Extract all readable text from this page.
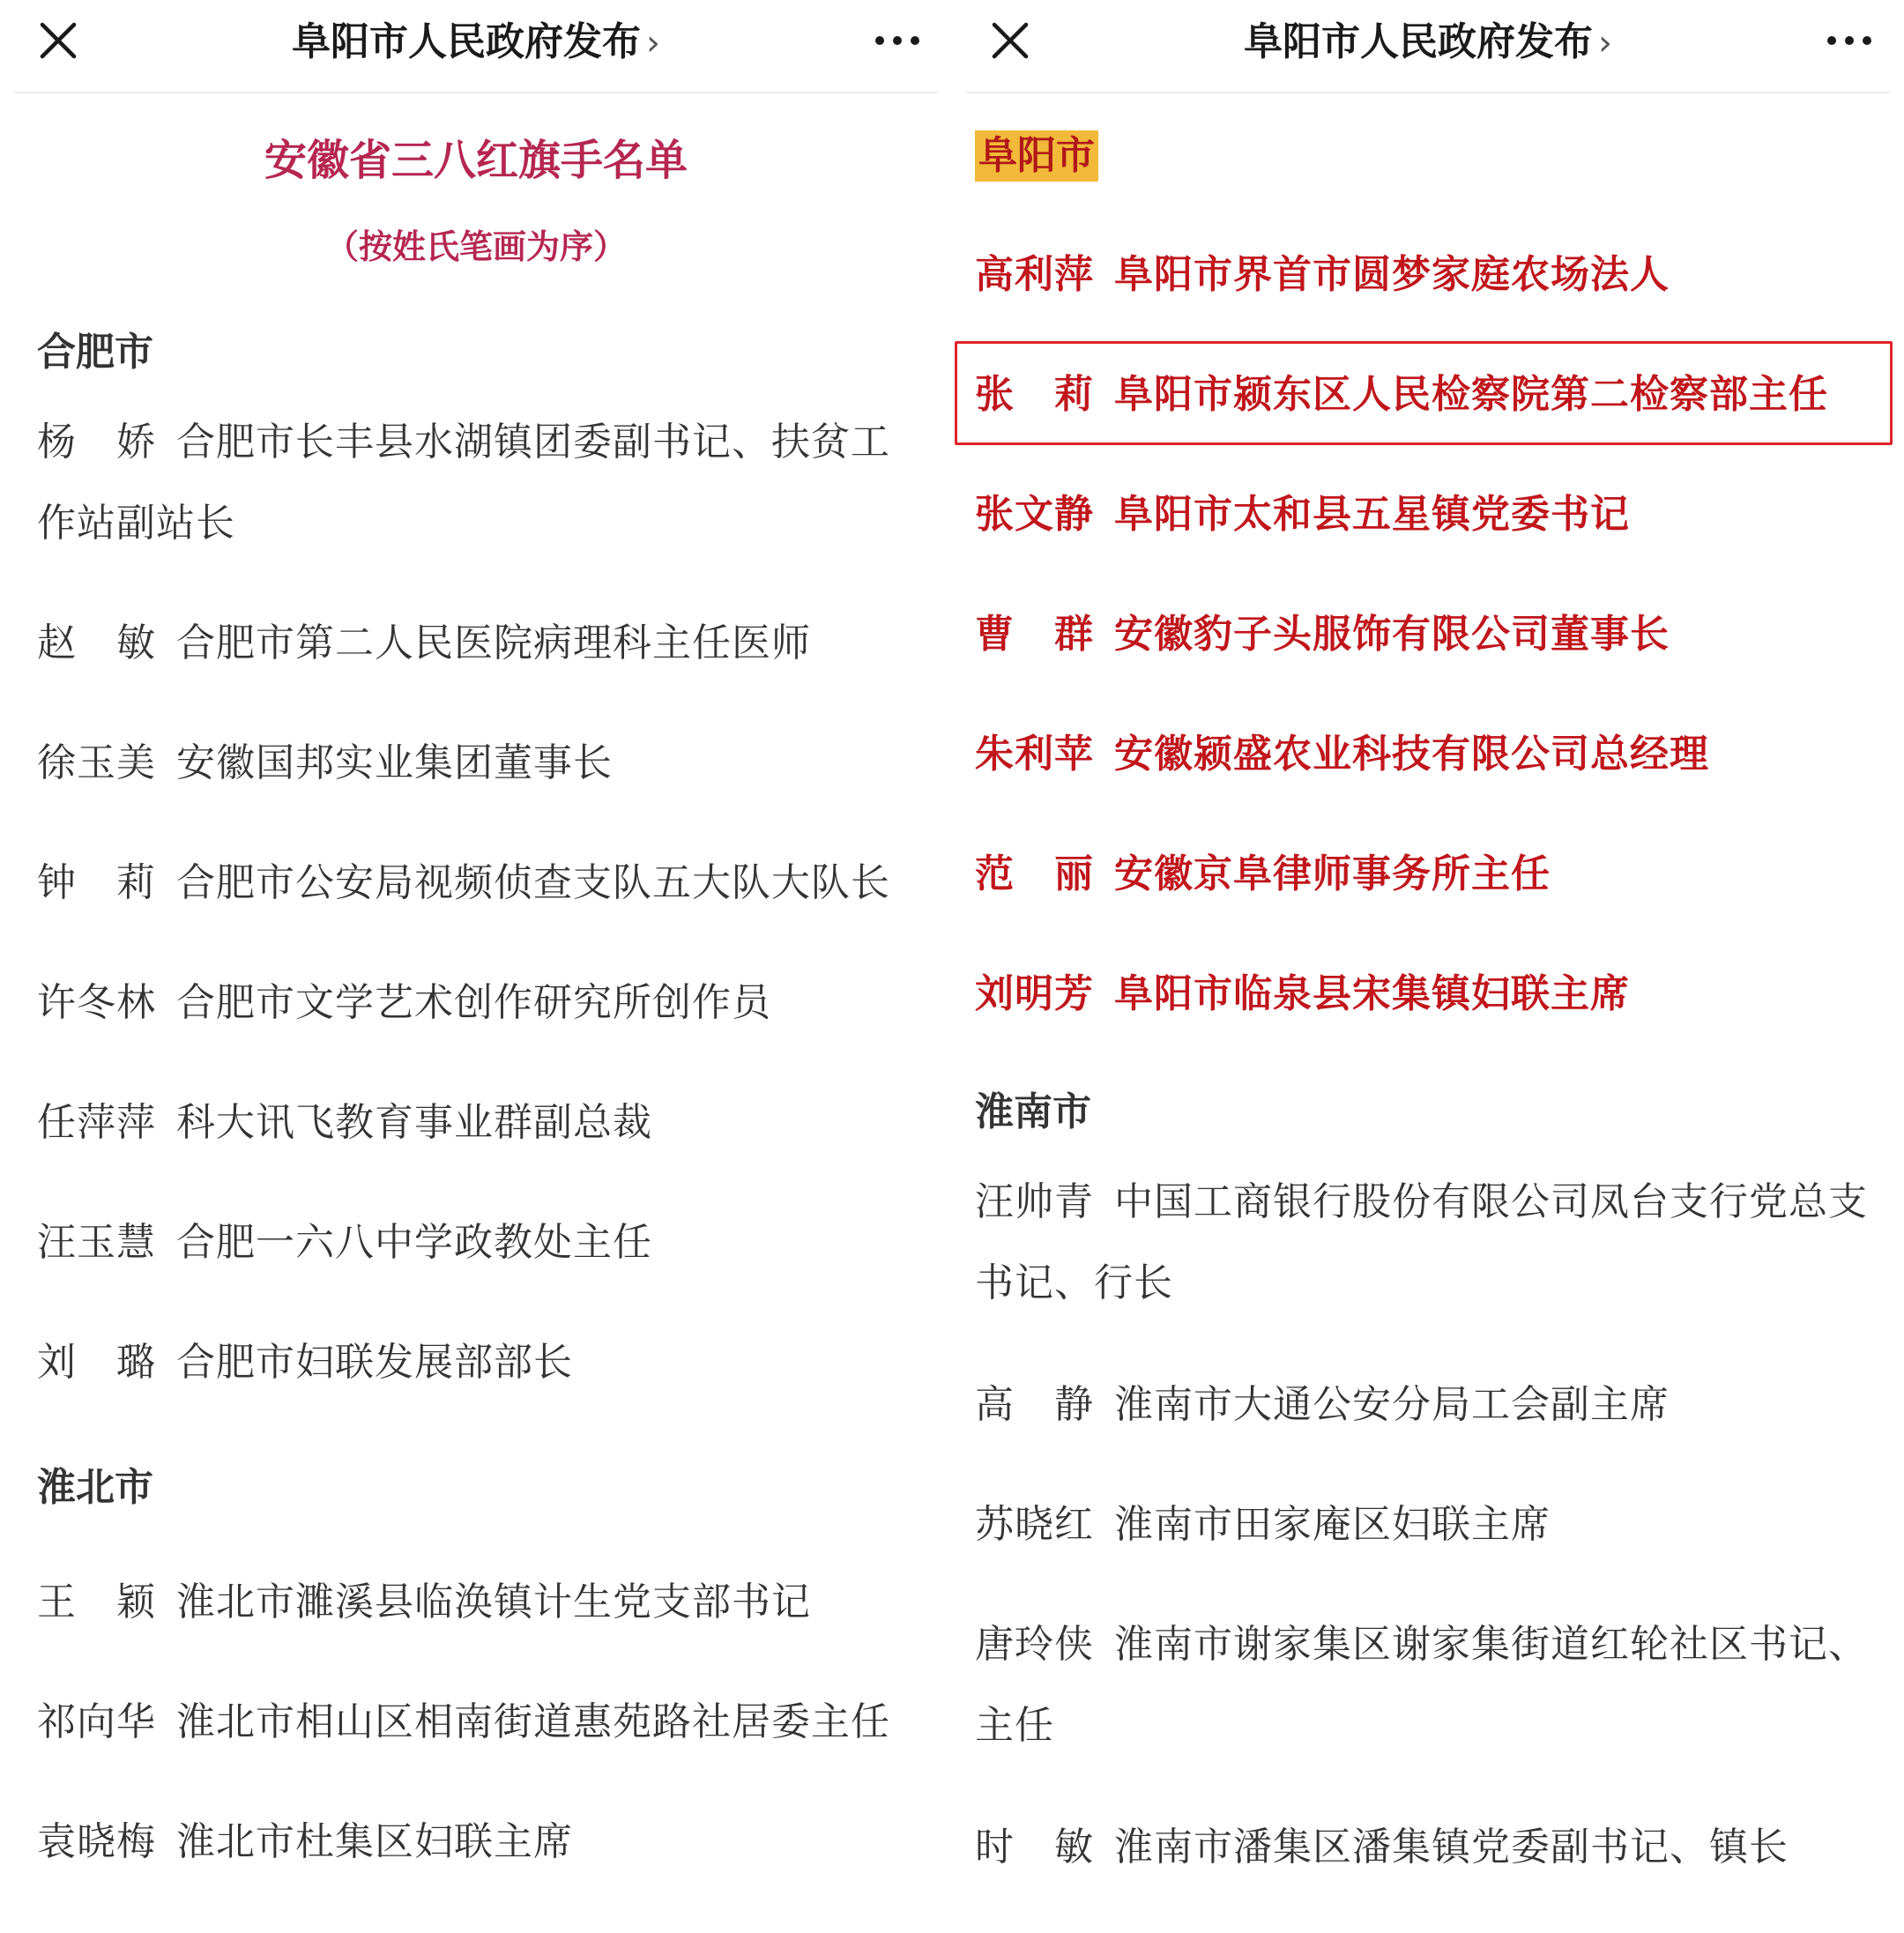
阜阳市人民政府发布 ›
安徽省三八红旗手名单
（按姓氏笔画为序）
合肥市
杨　娇 合肥市长丰县水湖镇团委副书记、扶贫工作站副站长
赵　敏 合肥市第二人民医院病理科主任医师
徐玉美 安徽国邦实业集团董事长
钟　莉 合肥市公安局视频侦查支队五大队大队长
许冬林 合肥市文学艺术创作研究所创作员
任萍萍 科大讯飞教育事业群副总裁
汪玉慧 合肥一六八中学政教处主任
刘　璐 合肥市妇联发展部部长
淮北市
王　颖 淮北市濉溪县临涣镇计生党支部书记
祁向华 淮北市相山区相南街道惠苑路社居委主任
袁晓梅 淮北市杜集区妇联主席
阜阳市人民政府发布 ›
阜阳市
高利萍 阜阳市界首市圆梦家庭农场法人
张　莉 阜阳市颍东区人民检察院第二检察部主任
张文静 阜阳市太和县五星镇党委书记
曹　群 安徽豹子头服饰有限公司董事长
朱利苹 安徽颍盛农业科技有限公司总经理
范　丽 安徽京阜律师事务所主任
刘明芳 阜阳市临泉县宋集镇妇联主席
淮南市
汪帅青 中国工商银行股份有限公司凤台支行党总支书记、行长
高　静 淮南市大通公安分局工会副主席
苏晓红 淮南市田家庵区妇联主席
唐玲侠 淮南市谢家集区谢家集街道红轮社区书记、主任
时　敏 淮南市潘集区潘集镇党委副书记、镇长
